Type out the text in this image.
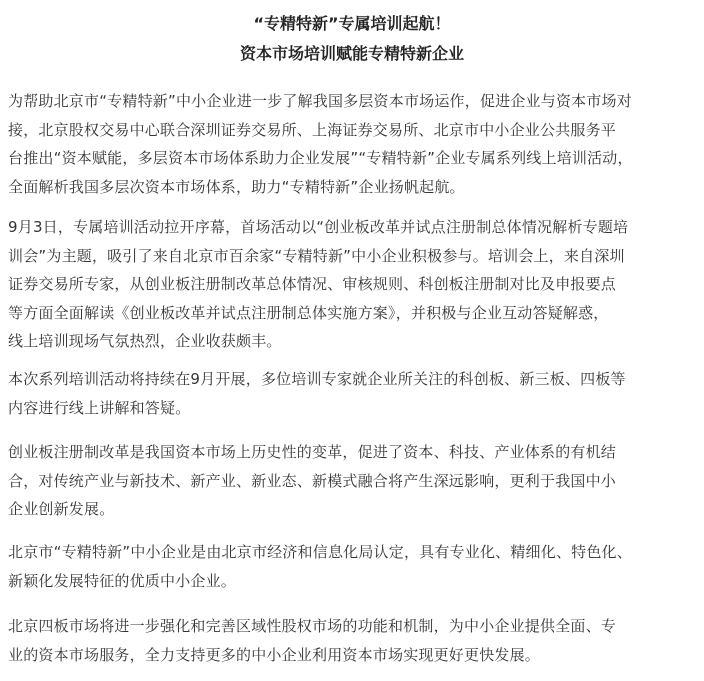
“专精特新”专属培训起航！
资本市场培训赋能专精特新企业

为帮助北京市“专精特新”中小企业进一步了解我国多层资本市场运作，促进企业与资本市场对
接，北京股权交易中心联合深圳证券交易所、上海证券交易所、北京市中小企业公共服务平
台推出“资本赋能，多层资本市场体系助力企业发展”“专精特新”企业专属系列线上培训活动，
全面解析我国多层次资本市场体系，助力“专精特新”企业扬帆起航。

9月3日，专属培训活动拉开序幕，首场活动以“创业板改革并试点注册制总体情况解析专题培
训会”为主题，吸引了来自北京市百余家“专精特新”中小企业积极参与。培训会上，来自深圳
证券交易所专家，从创业板注册制改革总体情况、审核规则、科创板注册制对比及申报要点
等方面全面解读《创业板改革并试点注册制总体实施方案》，并积极与企业互动答疑解惑，
线上培训现场气氛热烈，企业收获颇丰。

本次系列培训活动将持续在9月开展，多位培训专家就企业所关注的科创板、新三板、四板等
内容进行线上讲解和答疑。

创业板注册制改革是我国资本市场上历史性的变革，促进了资本、科技、产业体系的有机结
合，对传统产业与新技术、新产业、新业态、新模式融合将产生深远影响，更利于我国中小
企业创新发展。

北京市“专精特新”中小企业是由北京市经济和信息化局认定，具有专业化、精细化、特色化、
新颖化发展特征的优质中小企业。

北京四板市场将进一步强化和完善区域性股权市场的功能和机制，为中小企业提供全面、专
业的资本市场服务，全力支持更多的中小企业利用资本市场实现更好更快发展。
